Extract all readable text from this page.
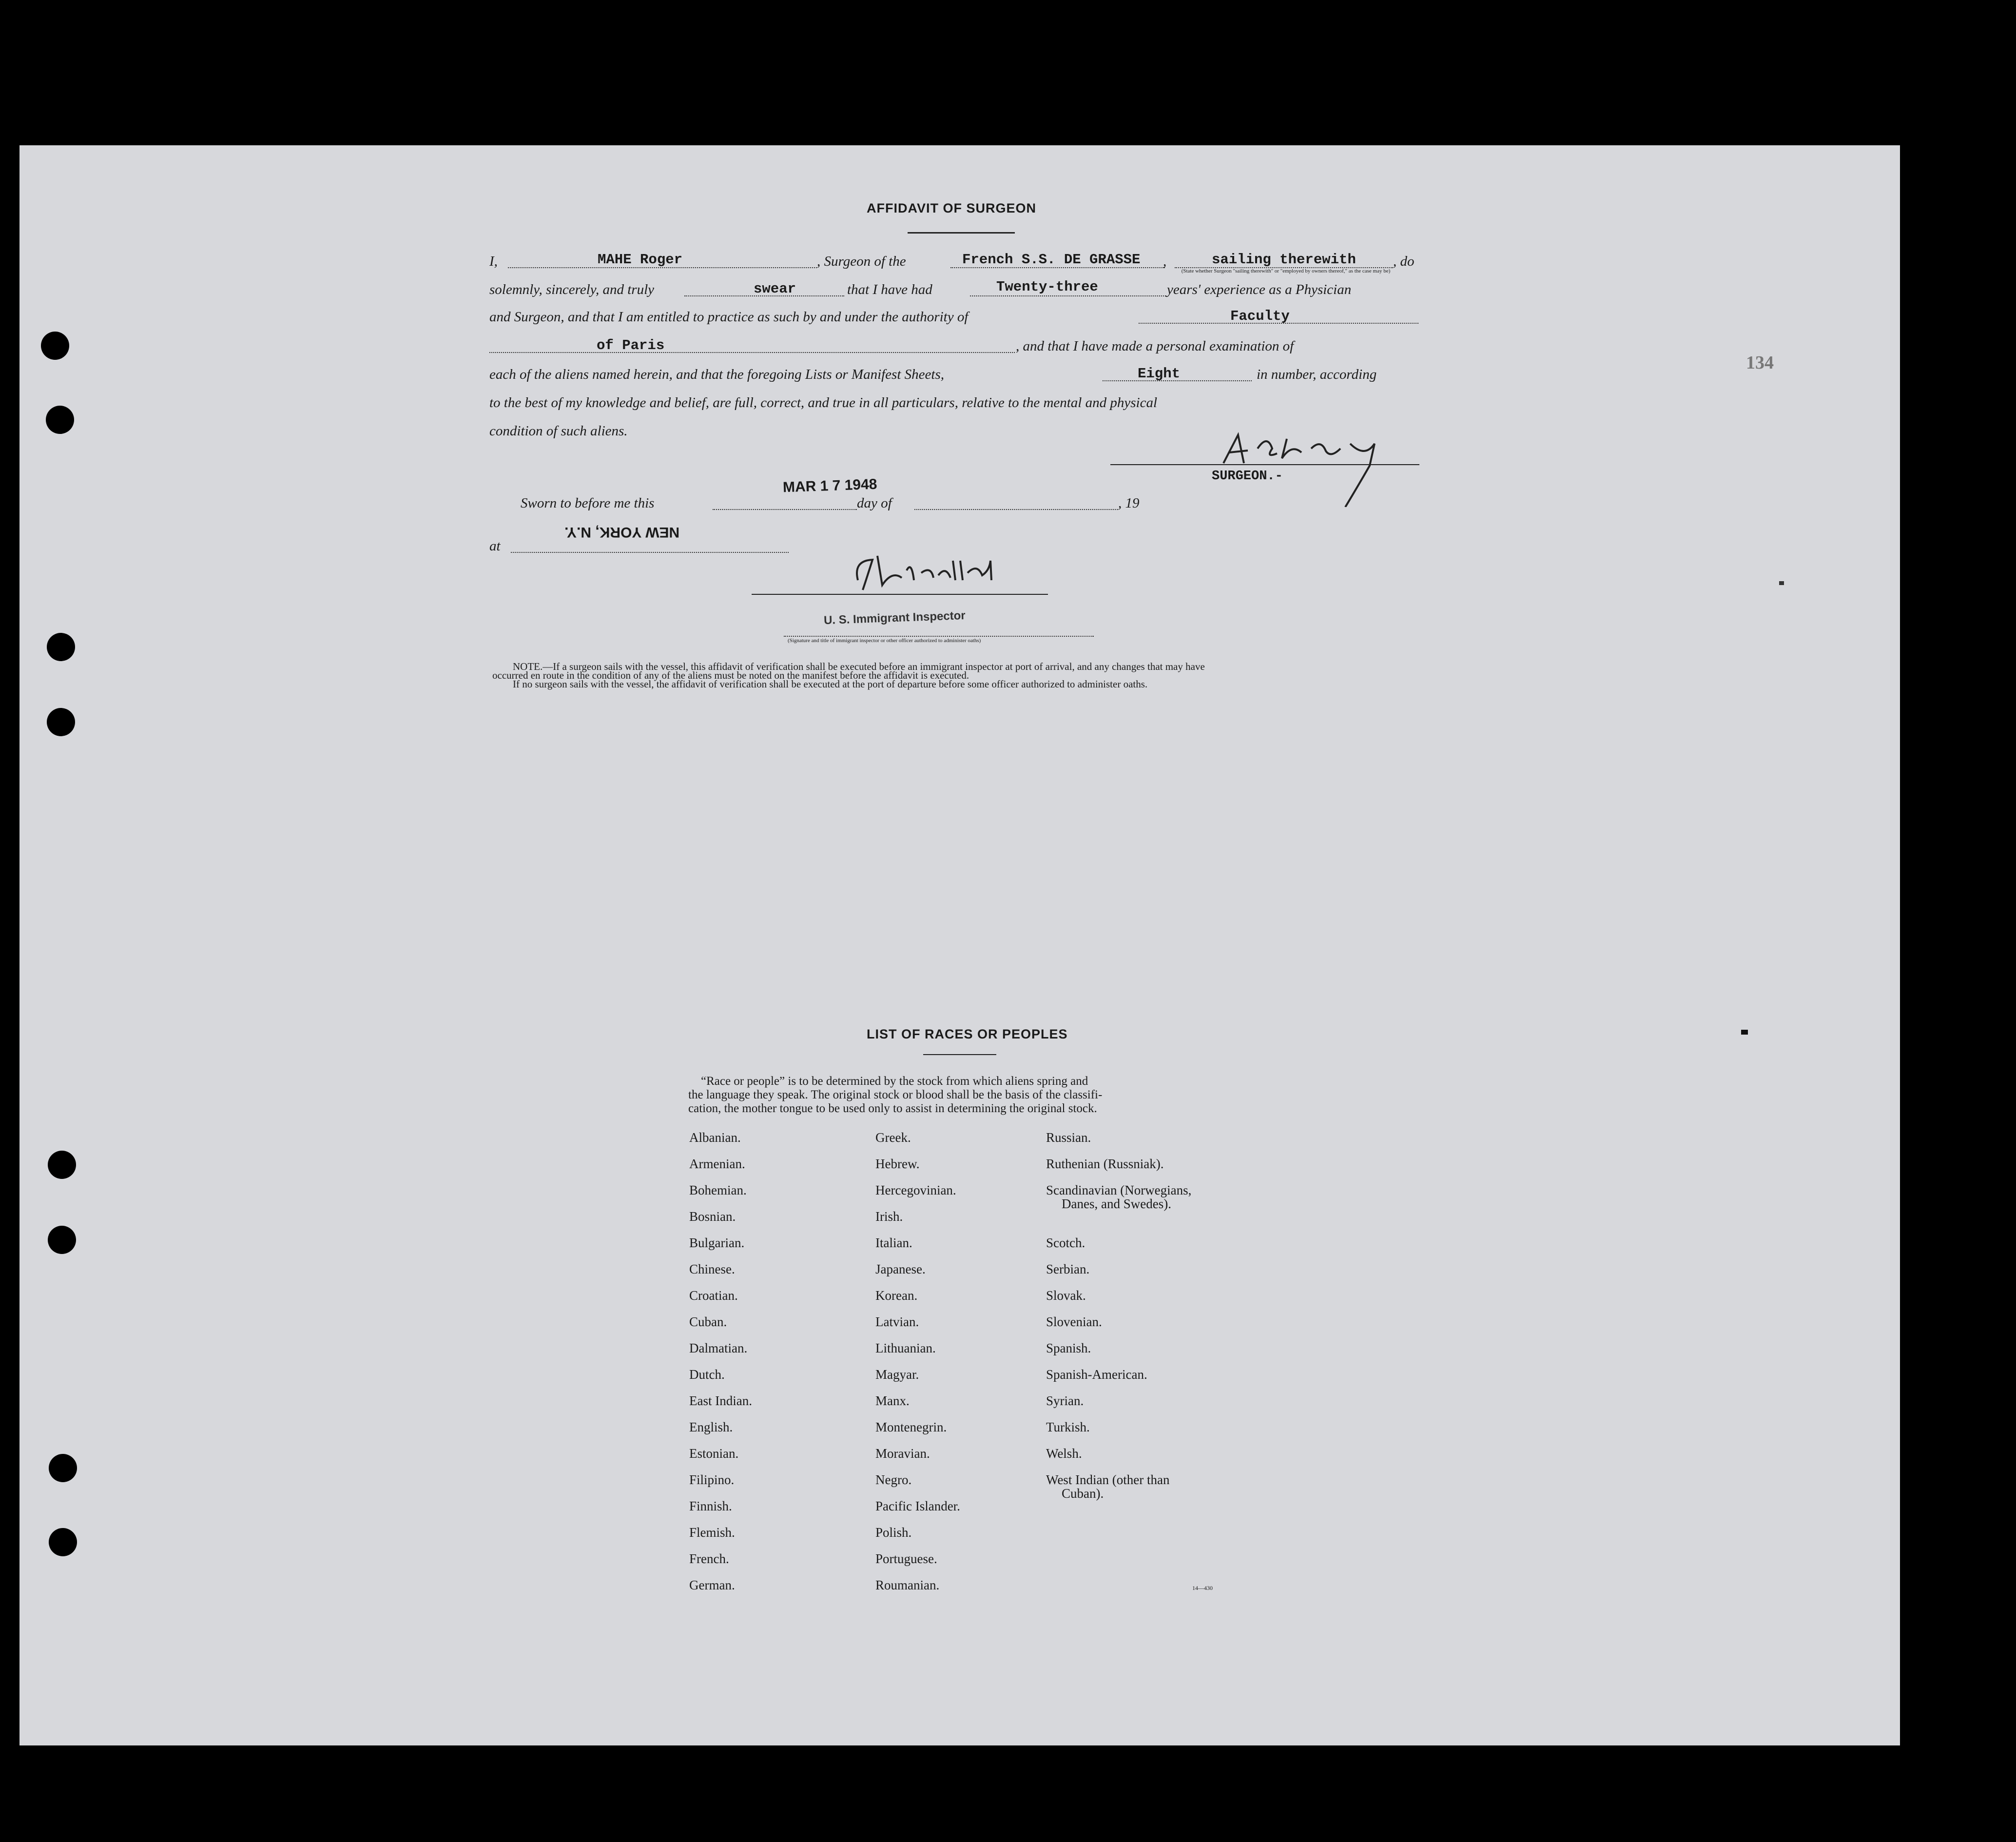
134
AFFIDAVIT OF SURGEON
I,	MAHE Roger	, Surgeon of the	French S.S. DE GRASSE ,	sailing therewith	, do
(State whether Surgeon "sailing therewith" or "employed by owners thereof," as the case may be)
solemnly, sincerely, and truly	swear	that I have had	Twenty-three	years' experience as a Physician
and Surgeon, and that I am entitled to practice as such by and under the authority of	Faculty
of Paris	, and that I have made a personal examination of
each of the aliens named herein, and that the foregoing Lists or Manifest Sheets,	Eight	in number, according
to the best of my knowledge and belief, are full, correct, and true in all particulars, relative to the mental and physical
condition of such aliens.
SURGEON.-
Sworn to before me this
MAR 1 7 1948
day of	, 19
at
NEW YORK, N.Y.
U. S. Immigrant Inspector
(Signature and title of immigrant inspector or other officer authorized to administer oaths)
NOTE.—If a surgeon sails with the vessel, this affidavit of verification shall be executed before an immigrant inspector at port of arrival, and any changes that may have
occurred en route in the condition of any of the aliens must be noted on the manifest before the affidavit is executed.
If no surgeon sails with the vessel, the affidavit of verification shall be executed at the port of departure before some officer authorized to administer oaths.
LIST OF RACES OR PEOPLES
“Race or people” is to be determined by the stock from which aliens spring and
the language they speak. The original stock or blood shall be the basis of the classifi-
cation, the mother tongue to be used only to assist in determining the original stock.
Albanian.
Armenian.
Bohemian.
Bosnian.
Bulgarian.
Chinese.
Croatian.
Cuban.
Dalmatian.
Dutch.
East Indian.
English.
Estonian.
Filipino.
Finnish.
Flemish.
French.
German.
Greek.
Hebrew.
Hercegovinian.
Irish.
Italian.
Japanese.
Korean.
Latvian.
Lithuanian.
Magyar.
Manx.
Montenegrin.
Moravian.
Negro.
Pacific Islander.
Polish.
Portuguese.
Roumanian.
Russian.
Ruthenian (Russniak).
Scandinavian (Norwegians,
Danes, and Swedes).
Scotch.
Serbian.
Slovak.
Slovenian.
Spanish.
Spanish-American.
Syrian.
Turkish.
Welsh.
West Indian (other than
Cuban).
14—430
